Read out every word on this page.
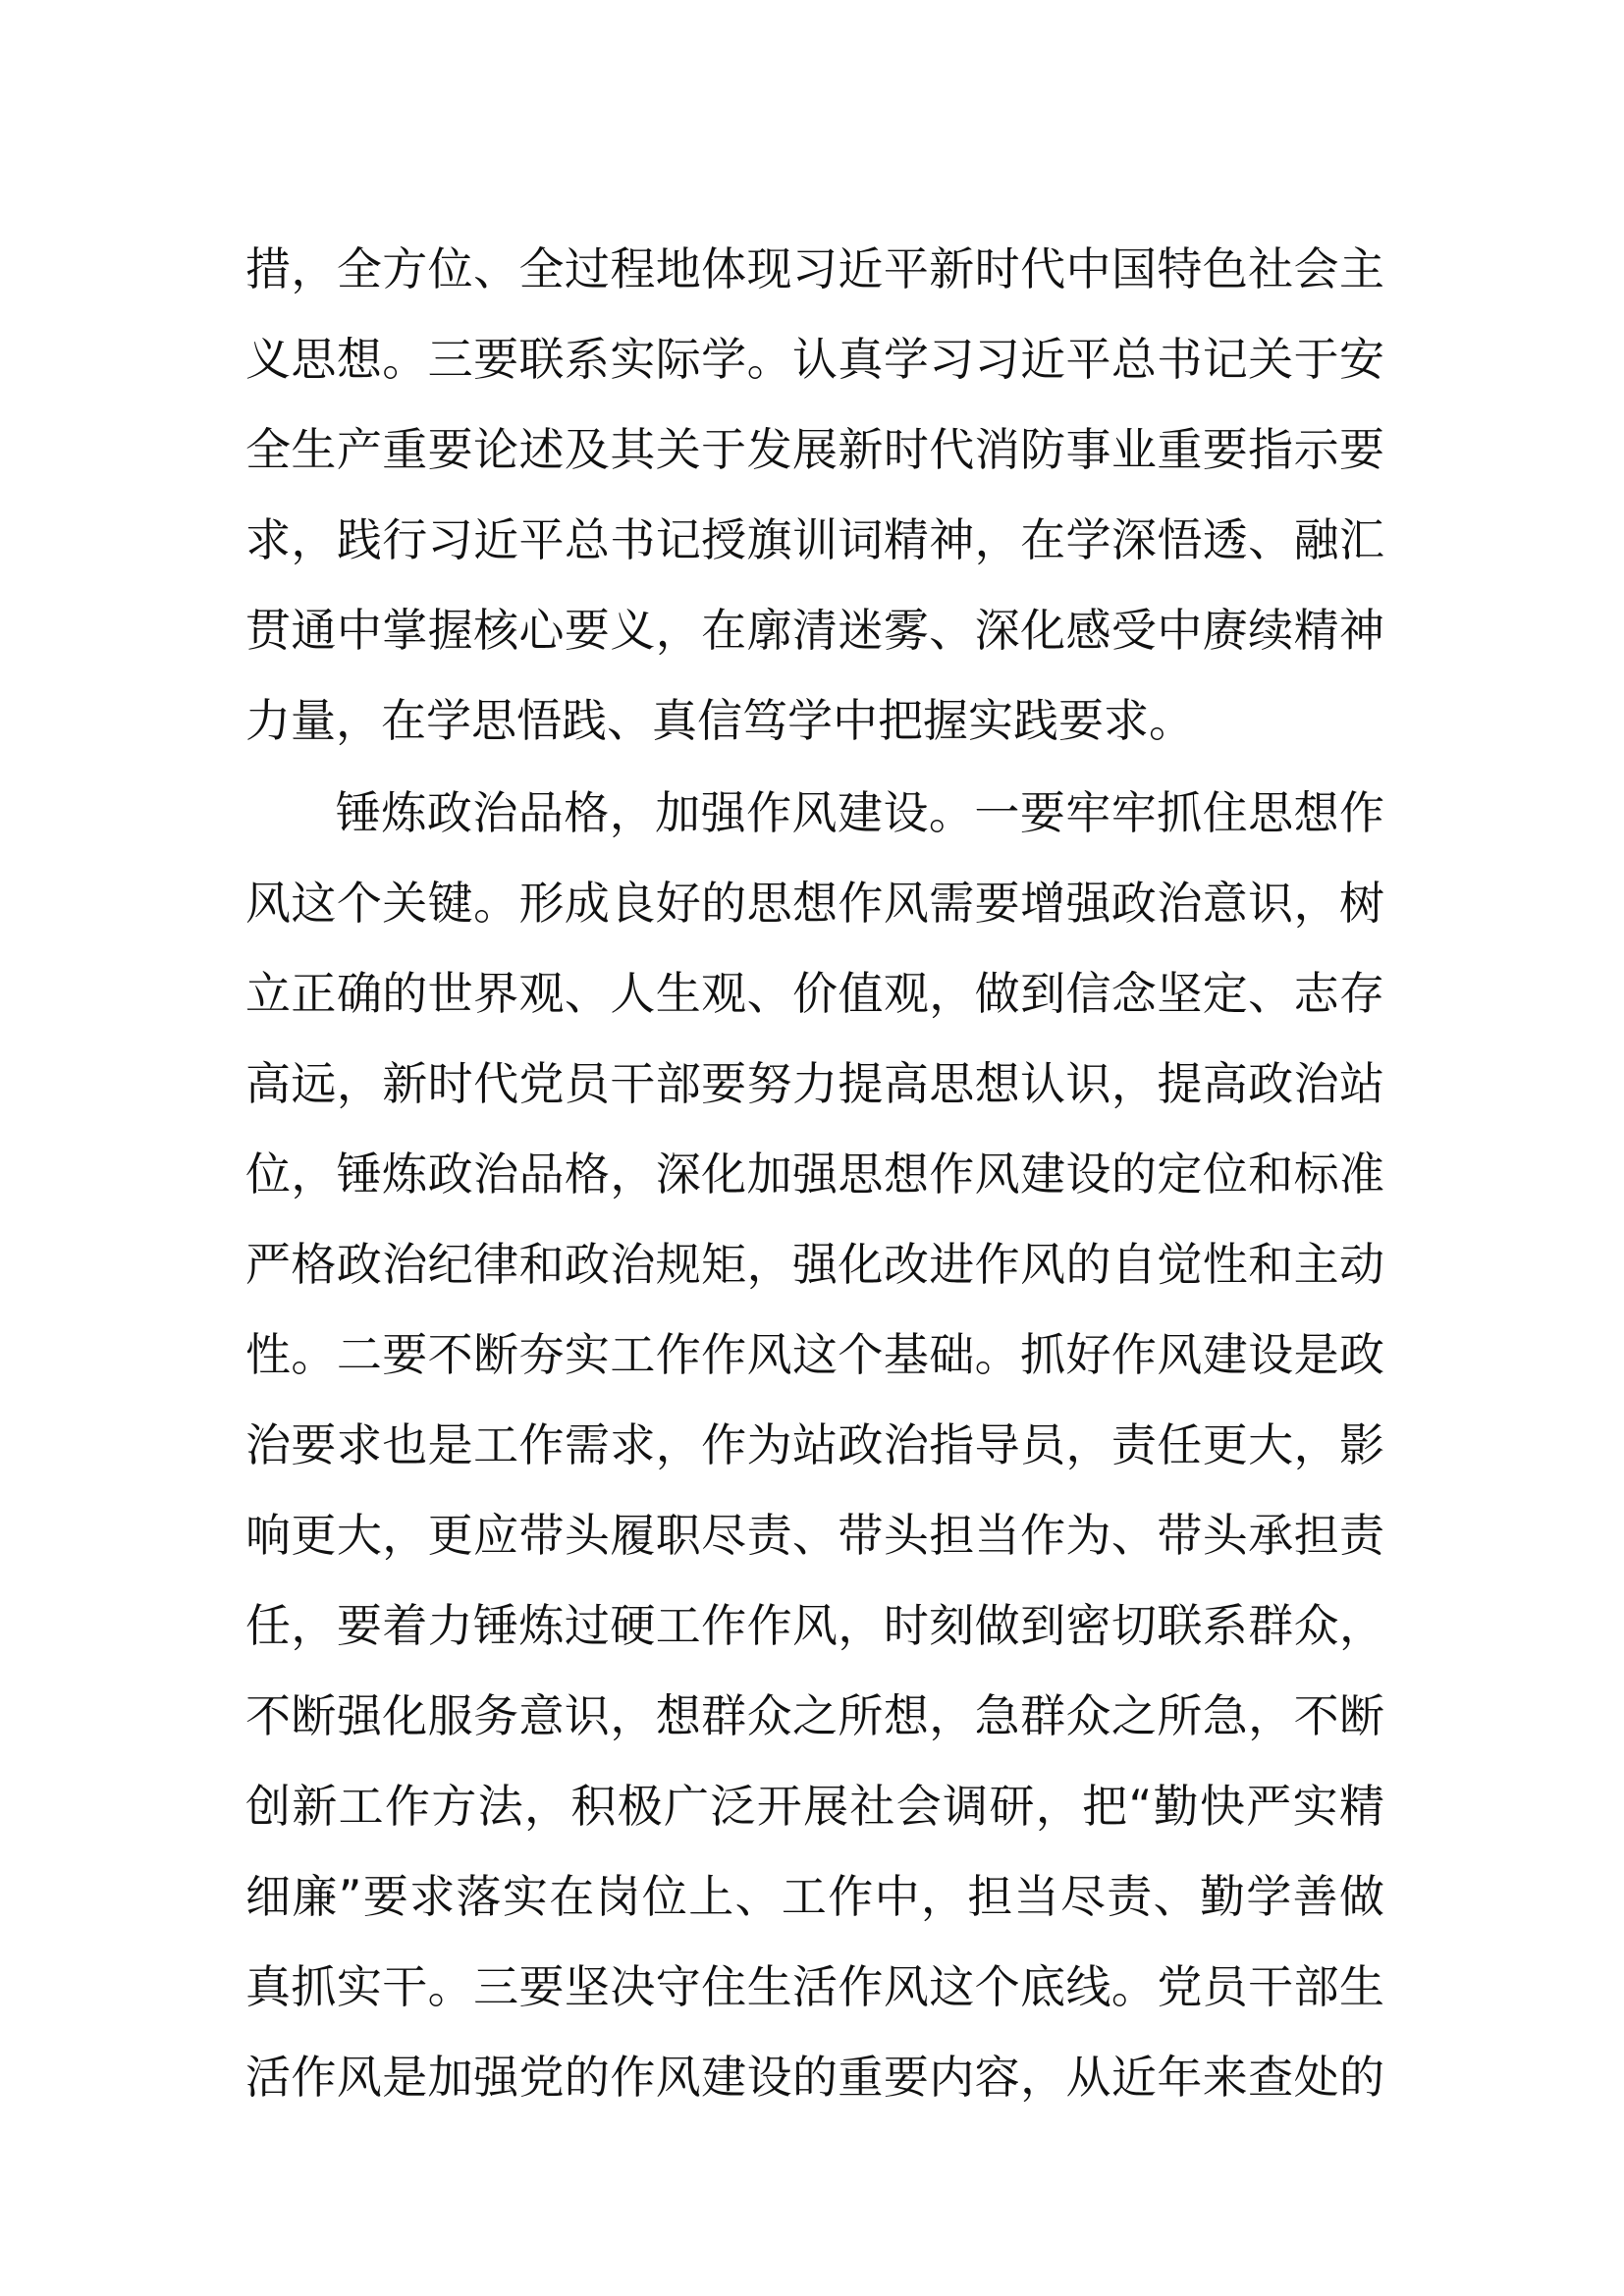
措，全方位、全过程地体现习近平新时代中国特色社会主
义思想。三要联系实际学。认真学习习近平总书记关于安
全生产重要论述及其关于发展新时代消防事业重要指示要
求，践行习近平总书记授旗训词精神，在学深悟透、融汇
贯通中掌握核心要义，在廓清迷雾、深化感受中赓续精神
力量，在学思悟践、真信笃学中把握实践要求。
锤炼政治品格，加强作风建设。一要牢牢抓住思想作
风这个关键。形成良好的思想作风需要增强政治意识，树
立正确的世界观、人生观、价值观，做到信念坚定、志存
高远，新时代党员干部要努力提高思想认识，提高政治站
位，锤炼政治品格，深化加强思想作风建设的定位和标准
严格政治纪律和政治规矩，强化改进作风的自觉性和主动
性。二要不断夯实工作作风这个基础。抓好作风建设是政
治要求也是工作需求，作为站政治指导员，责任更大，影
响更大，更应带头履职尽责、带头担当作为、带头承担责
任，要着力锤炼过硬工作作风，时刻做到密切联系群众，
不断强化服务意识，想群众之所想，急群众之所急，不断
创新工作方法，积极广泛开展社会调研，把“勤快严实精
细廉”要求落实在岗位上、工作中，担当尽责、勤学善做
真抓实干。三要坚决守住生活作风这个底线。党员干部生
活作风是加强党的作风建设的重要内容，从近年来查处的
